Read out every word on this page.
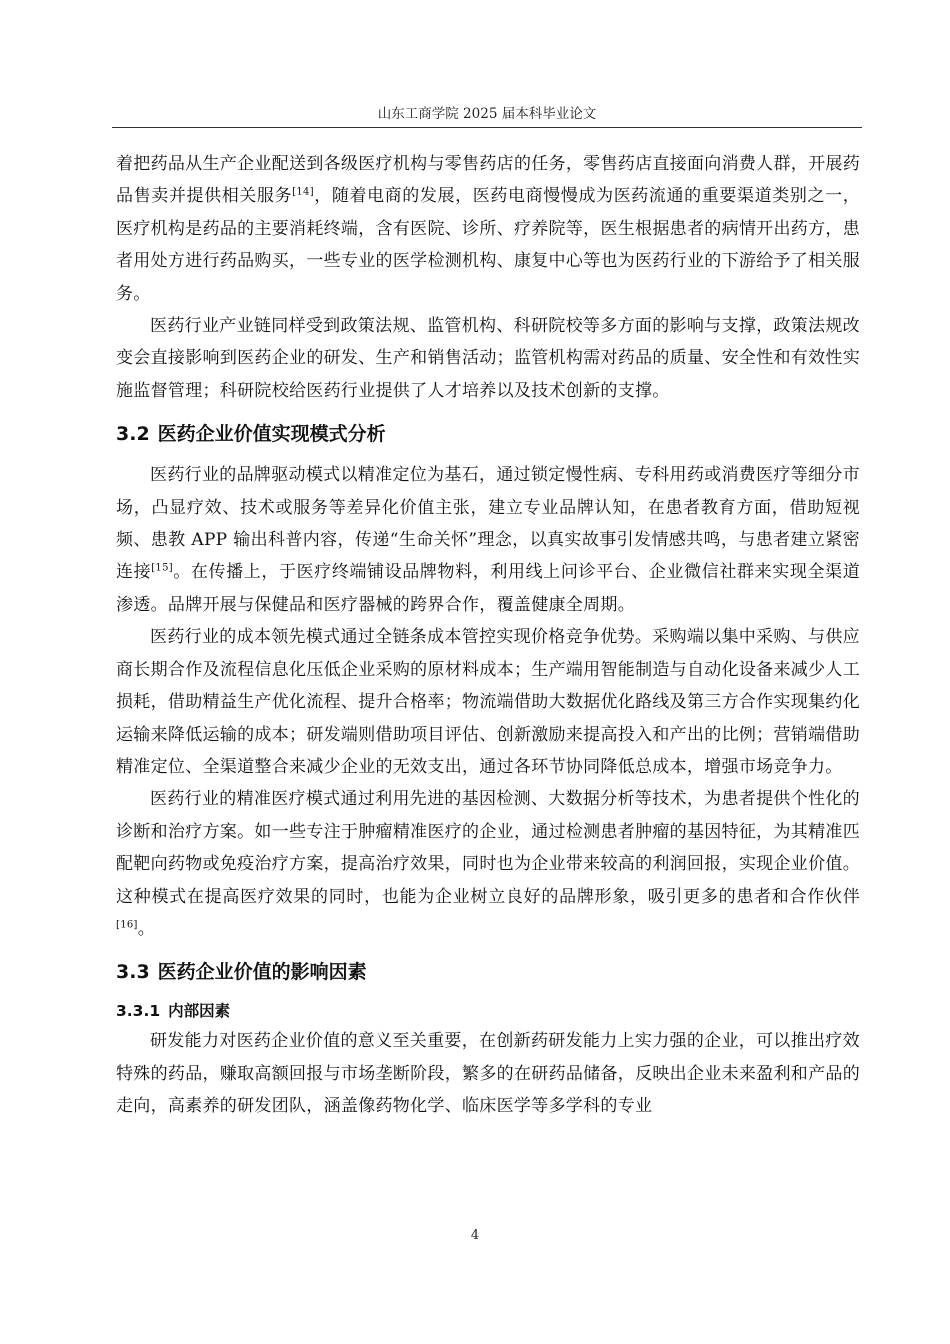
山东工商学院 2025 届本科毕业论文

着把药品从生产企业配送到各级医疗机构与零售药店的任务，零售药店直接面向消费人群，开展药品售卖并提供相关服务[14]，随着电商的发展，医药电商慢慢成为医药流通的重要渠道类别之一，医疗机构是药品的主要消耗终端，含有医院、诊所、疗养院等，医生根据患者的病情开出药方，患者用处方进行药品购买，一些专业的医学检测机构、康复中心等也为医药行业的下游给予了相关服务。

医药行业产业链同样受到政策法规、监管机构、科研院校等多方面的影响与支撑，政策法规改变会直接影响到医药企业的研发、生产和销售活动；监管机构需对药品的质量、安全性和有效性实施监督管理；科研院校给医药行业提供了人才培养以及技术创新的支撑。

3.2 医药企业价值实现模式分析

医药行业的品牌驱动模式以精准定位为基石，通过锁定慢性病、专科用药或消费医疗等细分市场，凸显疗效、技术或服务等差异化价值主张，建立专业品牌认知，在患者教育方面，借助短视频、患教 APP 输出科普内容，传递“生命关怀”理念，以真实故事引发情感共鸣，与患者建立紧密连接[15]。在传播上，于医疗终端铺设品牌物料，利用线上问诊平台、企业微信社群来实现全渠道渗透。品牌开展与保健品和医疗器械的跨界合作，覆盖健康全周期。

医药行业的成本领先模式通过全链条成本管控实现价格竞争优势。采购端以集中采购、与供应商长期合作及流程信息化压低企业采购的原材料成本；生产端用智能制造与自动化设备来减少人工损耗，借助精益生产优化流程、提升合格率；物流端借助大数据优化路线及第三方合作实现集约化运输来降低运输的成本；研发端则借助项目评估、创新激励来提高投入和产出的比例；营销端借助精准定位、全渠道整合来减少企业的无效支出，通过各环节协同降低总成本，增强市场竞争力。

医药行业的精准医疗模式通过利用先进的基因检测、大数据分析等技术，为患者提供个性化的诊断和治疗方案。如一些专注于肿瘤精准医疗的企业，通过检测患者肿瘤的基因特征，为其精准匹配靶向药物或免疫治疗方案，提高治疗效果，同时也为企业带来较高的利润回报，实现企业价值。这种模式在提高医疗效果的同时，也能为企业树立良好的品牌形象，吸引更多的患者和合作伙伴[16]。

3.3 医药企业价值的影响因素
3.3.1 内部因素

研发能力对医药企业价值的意义至关重要，在创新药研发能力上实力强的企业，可以推出疗效特殊的药品，赚取高额回报与市场垄断阶段，繁多的在研药品储备，反映出企业未来盈利和产品的走向，高素养的研发团队，涵盖像药物化学、临床医学等多学科的专业

4
